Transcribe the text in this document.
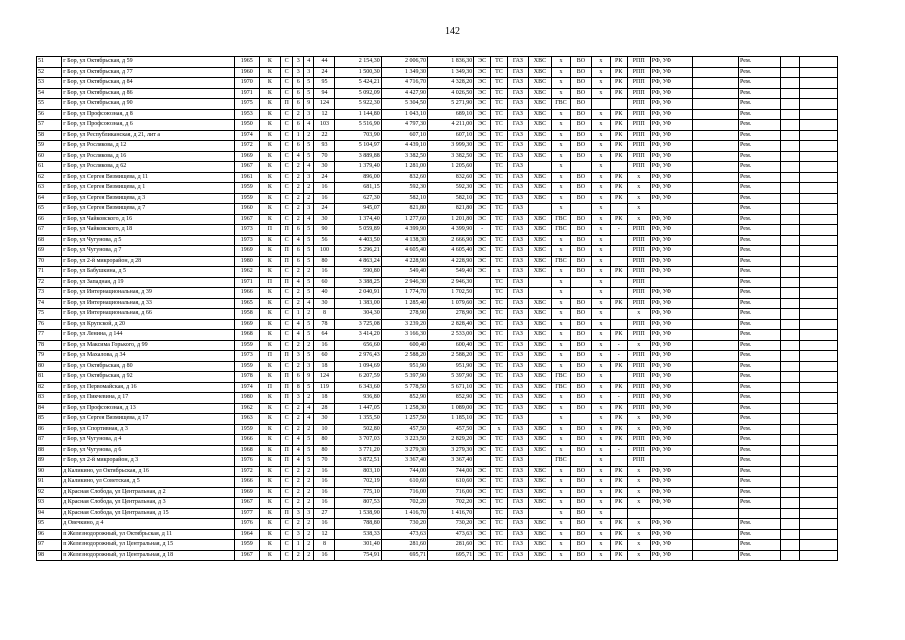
142
51	г Бор, ул Октябрьская, д 59	1965	К	С	3	4	44	2 154,30	2 006,70	1 836,30	ЭС	ТС	ГАЗ	ХВС	х	ВО	х	РК	РПП	РФ, УФ		Рем.		
52	г Бор, ул Октябрьская, д 77	1960	К	С	3	3	24	1 500,30	1 349,30	1 349,30	ЭС	ТС	ГАЗ	ХВС	х	ВО	х	РК	РПП	РФ, УФ		Рем.		
53	г Бор, ул Октябрьская, д 84	1970	К	С	6	5	95	5 424,21	4 716,70	4 328,20	ЭС	ТС	ГАЗ	ХВС	х	ВО	х	РК	РПП	РФ, УФ		Рем.		
54	г Бор, ул Октябрьская, д 86	1971	К	С	6	5	94	5 092,09	4 427,90	4 026,50	ЭС	ТС	ГАЗ	ХВС	х	ВО	х	РК	РПП	РФ, УФ		Рем.		
55	г Бор, ул Октябрьская, д 90	1975	К	П	6	9	124	5 922,30	5 304,50	5 271,90	ЭС	ТС	ГАЗ	ХВС	ГВС	ВО			РПП	РФ, УФ		Рем.		
56	г Бор, ул Профсоюзная, д 8	1953	К	С	2	3	12	1 144,80	1 043,10	689,10	ЭС	ТС	ГАЗ	ХВС	х	ВО	х	РК	РПП	РФ, УФ		Рем.		
57	г Бор, ул Профсоюзная, д 6	1950	К	С	6	4	103	5 516,90	4 797,30	4 211,00	ЭС	ТС	ГАЗ	ХВС	х	ВО	х	РК	РПП	РФ, УФ		Рем.		
58	г Бор, ул Республиканская, д 21, лит а	1974	К	С	1	2	22	703,90	607,10	607,10	ЭС	ТС	ГАЗ	ХВС	х	ВО	х	РК	РПП	РФ, УФ		Рем.		
59	г Бор, ул Рослякова, д 12	1972	К	С	6	5	93	5 104,97	4 439,10	3 999,30	ЭС	ТС	ГАЗ	ХВС	х	ВО	х	РК	РПП	РФ, УФ		Рем.		
60	г Бор, ул Рослякова, д 16	1969	К	С	4	5	70	3 889,88	3 382,50	3 382,50	ЭС	ТС	ГАЗ	ХВС	х	ВО	х	РК	РПП	РФ, УФ		Рем.		
61	г Бор, ул Рослякова, д 62	1967	К	С	2	4	30	1 379,40	1 281,00	1 205,60		ТС	ГАЗ		х		х		РПП	РФ, УФ		Рем.		
62	г Бор, ул Сергея Вязмищева, д 11	1961	К	С	2	3	24	896,00	832,60	832,60	ЭС	ТС	ГАЗ	ХВС	х	ВО	х	РК	х	РФ, УФ		Рем.		
63	г Бор, ул Сергея Вязмищева, д 1	1959	К	С	2	2	16	681,15	592,30	592,30	ЭС	ТС	ГАЗ	ХВС	х	ВО	х	РК	х	РФ, УФ		Рем.		
64	г Бор, ул Сергея Вязмищева, д 3	1959	К	С	2	2	16	627,30	582,10	582,10	ЭС	ТС	ГАЗ	ХВС	х	ВО	х	РК	х	РФ, УФ		Рем.		
65	г Бор, ул Сергея Вязмищева, д 7	1960	К	С	2	3	24	945,07	821,80	821,80	ЭС	ТС	ГАЗ		х		х		х			Рем.		
66	г Бор, ул Чайковского, д 16	1967	К	С	2	4	30	1 374,40	1 277,60	1 201,80	ЭС	ТС	ГАЗ	ХВС	ГВС	ВО	х	РК	х	РФ, УФ		Рем.		
67	г Бор, ул Чайковского, д 18	1973	П	П	6	5	90	5 059,89	4 399,90	4 399,90	-	ТС	ГАЗ	ХВС	ГВС	ВО	х	-	РПП	РФ, УФ		Рем.		
68	г Бор, ул Чугунова, д 5	1973	К	С	4	5	56	4 403,50	4 138,30	2 666,90	ЭС	ТС	ГАЗ	ХВС	х	ВО	х		РПП	РФ, УФ		Рем.		
69	г Бор, ул Чугунова, д 7	1969	К	П	6	5	100	5 296,21	4 605,40	4 605,40	ЭС	ТС	ГАЗ	ХВС	х	ВО	х		РПП	РФ, УФ		Рем.		
70	г Бор, ул 2-й микрорайон, д 28	1980	К	П	6	5	80	4 863,24	4 228,90	4 228,90	ЭС	ТС	ГАЗ	ХВС	ГВС	ВО	х		РПП	РФ, УФ		Рем.		
71	г Бор, ул Бабушкина, д 5	1962	К	С	2	2	16	590,80	549,40	549,40	ЭС	х	ГАЗ	ХВС	х	ВО	х	РК	РПП	РФ, УФ		Рем.		
72	г Бор, ул Западная, д 19	1971	П	П	4	5	60	3 388,25	2 946,30	2 946,30		ТС	ГАЗ		х		х		РПП			Рем.		
73	г Бор, ул Интернациональная, д 39	1966	К	С	2	5	40	2 040,91	1 774,70	1 702,50		ТС	ГАЗ		х		х		РПП	РФ, УФ		Рем.		
74	г Бор, ул Интернациональная, д 33	1965	К	С	2	4	30	1 383,00	1 285,40	1 079,60	ЭС	ТС	ГАЗ	ХВС	х	ВО	х	РК	РПП	РФ, УФ		Рем.		
75	г Бор, ул Интернациональная, д 66	1958	К	С	1	2	8	304,30	278,90	278,90	ЭС	ТС	ГАЗ	ХВС	х	ВО	х		х	РФ, УФ		Рем.		
76	г Бор, ул Крупской, д 20	1969	К	С	4	5	78	3 725,08	3 239,20	2 828,40	ЭС	ТС	ГАЗ	ХВС	х	ВО	х		РПП	РФ, УФ		Рем.		
77	г Бор, ул Ленина, д 144	1968	К	С	4	5	64	3 414,20	3 166,30	2 533,00	ЭС	ТС	ГАЗ	ХВС	х	ВО	х	РК	РПП	РФ, УФ		Рем.		
78	г Бор, ул Максима Горького, д 99	1959	К	С	2	2	16	656,60	600,40	600,40	ЭС	ТС	ГАЗ	ХВС	х	ВО	х	-	х	РФ, УФ		Рем.		
79	г Бор, ул Махалова, д 34	1973	П	П	3	5	60	2 976,43	2 588,20	2 588,20	ЭС	ТС	ГАЗ	ХВС	х	ВО	х	-	РПП	РФ, УФ		Рем.		
80	г Бор, ул Октябрьская, д 80	1959	К	С	2	3	18	1 094,69	951,90	951,90	ЭС	ТС	ГАЗ	ХВС	х	ВО	х	РК	РПП	РФ, УФ		Рем.		
81	г Бор, ул Октябрьская, д 92	1978	К	П	6	9	124	6 207,59	5 397,90	5 397,90	ЭС	ТС	ГАЗ	ХВС	ГВС	ВО	х		РПП	РФ, УФ		Рем.		
82	г Бор, ул Первомайская, д 16	1974	П	П	8	5	119	6 343,60	5 778,50	5 671,10	ЭС	ТС	ГАЗ	ХВС	ГВС	ВО	х	РК	РПП	РФ, УФ		Рем.		
83	г Бор, ул Пикчевина, д 17	1980	К	П	3	2	18	936,80	852,90	852,90	ЭС	ТС	ГАЗ	ХВС	х	ВО	х	-	РПП	РФ, УФ		Рем.		
84	г Бор, ул Профсоюзная, д 13	1962	К	С	2	4	28	1 447,05	1 258,30	1 089,00	ЭС	ТС	ГАЗ	ХВС	х	ВО	х	РК	РПП	РФ, УФ		Рем.		
85	г Бор, ул Сергея Вязмищева, д 17	1963	К	С	2	4	30	1 355,50	1 257,50	1 185,10	ЭС	ТС	ГАЗ		х		х	РК	х	РФ, УФ		Рем.		
86	г Бор, ул Спортивная, д 3	1959	К	С	2	2	10	502,80	457,50	457,50	ЭС	х	ГАЗ	ХВС	х	ВО	х	РК	х	РФ, УФ		Рем.		
87	г Бор, ул Чугунова, д 4	1966	К	С	4	5	80	3 707,03	3 223,50	2 829,20	ЭС	ТС	ГАЗ	ХВС	х	ВО	х	РК	РПП	РФ, УФ		Рем.		
88	г Бор, ул Чугунова, д 6	1968	К	П	4	5	80	3 771,20	3 279,30	3 279,30	ЭС	ТС	ГАЗ	ХВС	х	ВО	х	-	РПП	РФ, УФ		Рем.		
89	г Бор, ул 2-й микрорайон, д 3	1976	К	П	4	5	70	3 872,51	3 367,40	3 367,40		ТС	ГАЗ		ГВС		х		РПП			Рем.		
90	д Каликино, ул Октябрьская, д 16	1972	К	С	2	2	16	803,10	744,00	744,00	ЭС	ТС	ГАЗ	ХВС	х	ВО	х	РК	х	РФ, УФ		Рем.		
91	д Каликино, ул Советская, д 5	1966	К	С	2	2	16	702,19	610,60	610,60	ЭС	ТС	ГАЗ	ХВС	х	ВО	х	РК	х	РФ, УФ		Рем.		
92	д Красная Слобода, ул Центральная, д 2	1969	К	С	2	2	16	775,10	716,00	716,00	ЭС	ТС	ГАЗ	ХВС	х	ВО	х	РК	х	РФ, УФ		Рем.		
93	д Красная Слобода, ул Центральная, д 3	1967	К	С	2	2	16	807,53	702,20	702,20	ЭС	ТС	ГАЗ	ХВС	х	ВО	х	РК	х	РФ, УФ		Рем.		
94	д Красная Слобода, ул Центральная, д 15	1977	К	П	3	3	27	1 538,90	1 416,70	1 416,70		ТС	ГАЗ		х	ВО	х							
95	д Овечкино, д 4	1976	К	С	2	2	16	788,80	730,20	730,20	ЭС	ТС	ГАЗ	ХВС	х	ВО	х	РК	х	РФ, УФ		Рем.		
96	п Железнодорожный, ул Октябрьская, д 11	1964	К	С	3	2	12	538,33	473,63	473,63	ЭС	ТС	ГАЗ	ХВС	х	ВО	х	РК	х	РФ, УФ		Рем.		
97	п Железнодорожный, ул Центральная, д 15	1959	К	С	1	2	8	301,40	281,60	281,60	ЭС	ТС	ГАЗ	ХВС	х	ВО	х	РК	х	РФ, УФ		Рем.		
98	п Железнодорожный, ул Центральная, д 18	1967	К	С	2	2	16	754,91	695,71	695,71	ЭС	ТС	ГАЗ	ХВС	х	ВО	х	РК	х	РФ, УФ		Рем.		
